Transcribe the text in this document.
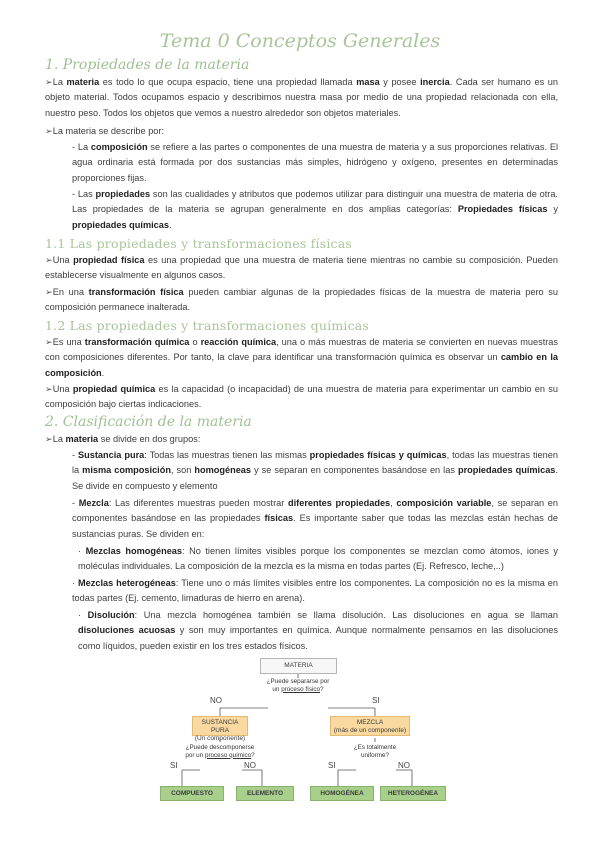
Tema 0 Conceptos Generales
1. Propiedades de la materia
➢La materia es todo lo que ocupa espacio, tiene una propiedad llamada masa y posee inercia. Cada ser humano es un objeto material. Todos ocupamos espacio y describimos nuestra masa por medio de una propiedad relacionada con ella, nuestro peso. Todos los objetos que vemos a nuestro alrededor son objetos materiales.
➢La materia se describe por:
- La composición se refiere a las partes o componentes de una muestra de materia y a sus proporciones relativas. El agua ordinaria está formada por dos sustancias más simples, hidrógeno y oxígeno, presentes en determinadas proporciones fijas.
- Las propiedades son las cualidades y atributos que podemos utilizar para distinguir una muestra de materia de otra. Las propiedades de la materia se agrupan generalmente en dos amplias categorías: Propiedades físicas y propiedades químicas.
1.1 Las propiedades y transformaciones físicas
➢Una propiedad física es una propiedad que una muestra de materia tiene mientras no cambie su composición. Pueden establecerse visualmente en algunos casos.
➢En una transformación física pueden cambiar algunas de la propiedades físicas de la muestra de materia pero su composición permanece inalterada.
1.2 Las propiedades y transformaciones químicas
➢Es una transformación química o reacción química, una o más muestras de materia se convierten en nuevas muestras con composiciones diferentes. Por tanto, la clave para identificar una transformación química es observar un cambio en la composición.
➢Una propiedad química es la capacidad (o incapacidad) de una muestra de materia para experimentar un cambio en su composición bajo ciertas indicaciones.
2. Clasificación de la materia
➢La materia se divide en dos grupos:
- Sustancia pura: Todas las muestras tienen las mismas propiedades físicas y químicas, todas las muestras tienen la misma composición, son homogéneas y se separan en componentes basándose en las propiedades químicas. Se divide en compuesto y elemento
- Mezcla: Las diferentes muestras pueden mostrar diferentes propiedades, composición variable, se separan en componentes basándose en las propiedades físicas. Es importante saber que todas las mezclas están hechas de sustancias puras. Se dividen en:
· Mezclas homogéneas: No tienen límites visibles porque los componentes se mezclan como átomos, iones y moléculas individuales. La composición de la mezcla es la misma en todas partes (Ej. Refresco, leche,..)
· Mezclas heterogéneas: Tiene uno o más límites visibles entre los componentes. La composición no es la misma en todas partes (Ej. cemento, limaduras de hierro en arena).
· Disolución: Una mezcla homogénea también se llama disolución. Las disoluciones en agua se llaman disoluciones acuosas y son muy importantes en química. Aunque normalmente pensamos en las disoluciones como líquidos, pueden existir en los tres estados físicos.
MATERIA
¿Puede separarse por
un proceso físico?
NO	SI
SUSTANCIA PURA
(Un componente)
MEZCLA
(más de un componente)
¿Puede descomponerse
por un proceso químico?
¿Es totalmente
uniforme?
SI	NO	SI	NO
COMPUESTO	ELEMENTO	HOMOGÉNEA	HETEROGÉNEA
